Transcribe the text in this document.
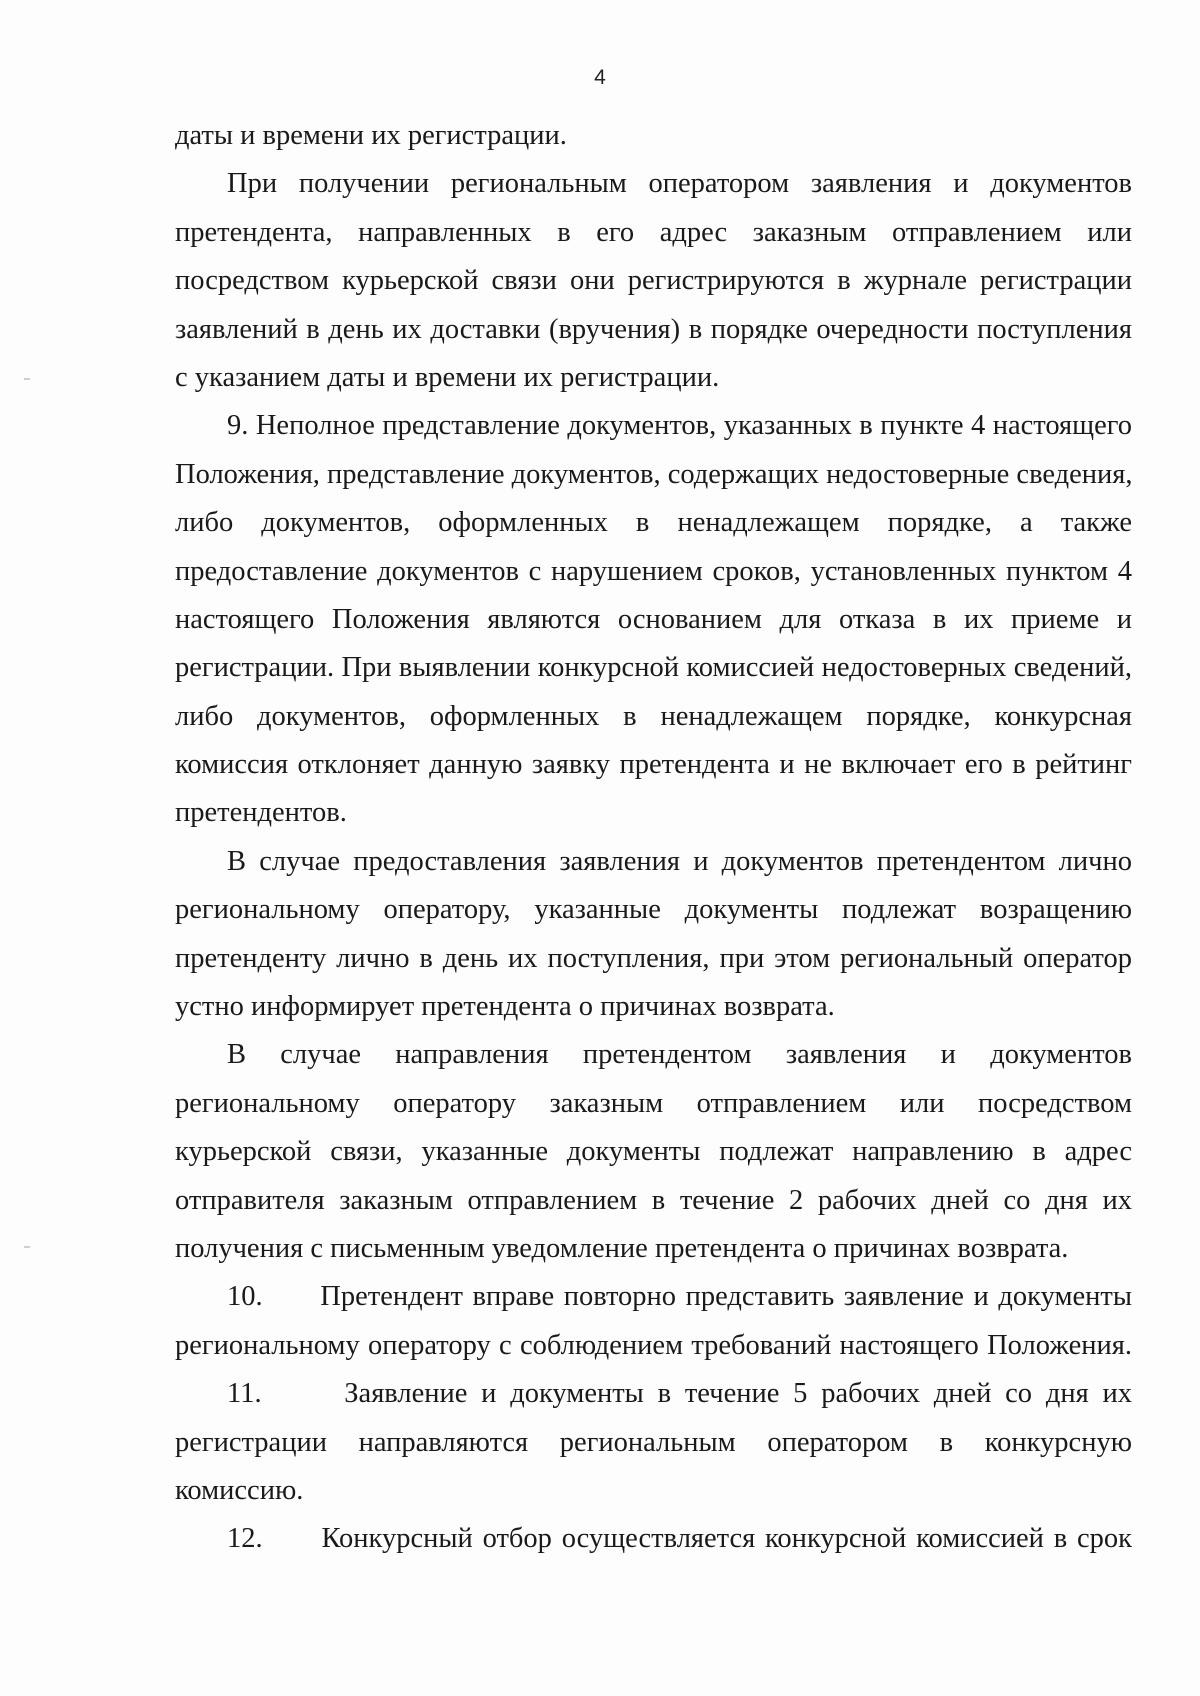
4
даты и времени их регистрации.
При получении региональным оператором заявления и документов
претендента, направленных в его адрес заказным отправлением или
посредством курьерской связи они регистрируются в журнале регистрации
заявлений в день их доставки (вручения) в порядке очередности поступления
с указанием даты и времени их регистрации.
9. Неполное представление документов, указанных в пункте 4 настоящего
Положения, представление документов, содержащих недостоверные сведения,
либо документов, оформленных в ненадлежащем порядке, а также
предоставление документов с нарушением сроков, установленных пунктом 4
настоящего Положения являются основанием для отказа в их приеме и
регистрации. При выявлении конкурсной комиссией недостоверных сведений,
либо документов, оформленных в ненадлежащем порядке, конкурсная
комиссия отклоняет данную заявку претендента и не включает его в рейтинг
претендентов.
В случае предоставления заявления и документов претендентом лично
региональному оператору, указанные документы подлежат возращению
претенденту лично в день их поступления, при этом региональный оператор
устно информирует претендента о причинах возврата.
В случае направления претендентом заявления и документов
региональному оператору заказным отправлением или посредством
курьерской связи, указанные документы подлежат направлению в адрес
отправителя заказным отправлением в течение 2 рабочих дней со дня их
получения с письменным уведомление претендента о причинах возврата.
10.      Претендент вправе повторно представить заявление и документы
региональному оператору с соблюдением требований настоящего Положения.
11.      Заявление и документы в течение 5 рабочих дней со дня их
регистрации направляются региональным оператором в конкурсную
комиссию.
12.      Конкурсный отбор осуществляется конкурсной комиссией в срок
